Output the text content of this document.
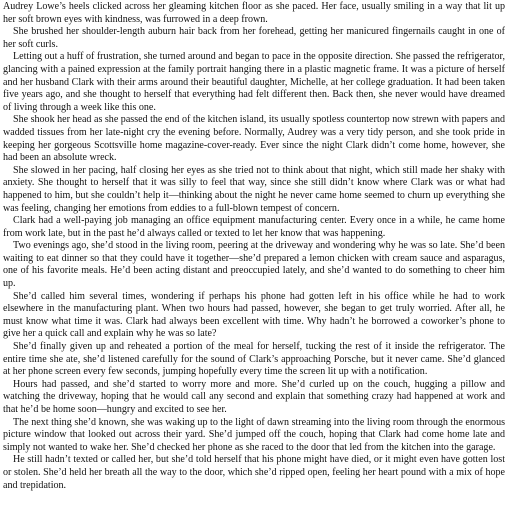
Audrey Lowe’s heels clicked across her gleaming kitchen floor as she paced. Her face, usually smiling in a way that lit up her soft brown eyes with kindness, was furrowed in a deep frown.

She brushed her shoulder-length auburn hair back from her forehead, getting her manicured fingernails caught in one of her soft curls.

Letting out a huff of frustration, she turned around and began to pace in the opposite direction. She passed the refrigerator, glancing with a pained expression at the family portrait hanging there in a plastic magnetic frame. It was a picture of herself and her husband Clark with their arms around their beautiful daughter, Michelle, at her college graduation. It had been taken five years ago, and she thought to herself that everything had felt different then. Back then, she never would have dreamed of living through a week like this one.

She shook her head as she passed the end of the kitchen island, its usually spotless countertop now strewn with papers and wadded tissues from her late-night cry the evening before. Normally, Audrey was a very tidy person, and she took pride in keeping her gorgeous Scottsville home magazine-cover-ready. Ever since the night Clark didn’t come home, however, she had been an absolute wreck.

She slowed in her pacing, half closing her eyes as she tried not to think about that night, which still made her shaky with anxiety. She thought to herself that it was silly to feel that way, since she still didn’t know where Clark was or what had happened to him, but she couldn’t help it—thinking about the night he never came home seemed to churn up everything she was feeling, changing her emotions from eddies to a full-blown tempest of concern.

Clark had a well-paying job managing an office equipment manufacturing center. Every once in a while, he came home from work late, but in the past he’d always called or texted to let her know that was happening.

Two evenings ago, she’d stood in the living room, peering at the driveway and wondering why he was so late. She’d been waiting to eat dinner so that they could have it together—she’d prepared a lemon chicken with cream sauce and asparagus, one of his favorite meals. He’d been acting distant and preoccupied lately, and she’d wanted to do something to cheer him up.

She’d called him several times, wondering if perhaps his phone had gotten left in his office while he had to work elsewhere in the manufacturing plant. When two hours had passed, however, she began to get truly worried. After all, he must know what time it was. Clark had always been excellent with time. Why hadn’t he borrowed a coworker’s phone to give her a quick call and explain why he was so late?

She’d finally given up and reheated a portion of the meal for herself, tucking the rest of it inside the refrigerator. The entire time she ate, she’d listened carefully for the sound of Clark’s approaching Porsche, but it never came. She’d glanced at her phone screen every few seconds, jumping hopefully every time the screen lit up with a notification.

Hours had passed, and she’d started to worry more and more. She’d curled up on the couch, hugging a pillow and watching the driveway, hoping that he would call any second and explain that something crazy had happened at work and that he’d be home soon—hungry and excited to see her.

The next thing she’d known, she was waking up to the light of dawn streaming into the living room through the enormous picture window that looked out across their yard. She’d jumped off the couch, hoping that Clark had come home late and simply not wanted to wake her. She’d checked her phone as she raced to the door that led from the kitchen into the garage.

He still hadn’t texted or called her, but she’d told herself that his phone might have died, or it might even have gotten lost or stolen. She’d held her breath all the way to the door, which she’d ripped open, feeling her heart pound with a mix of hope and trepidation.
